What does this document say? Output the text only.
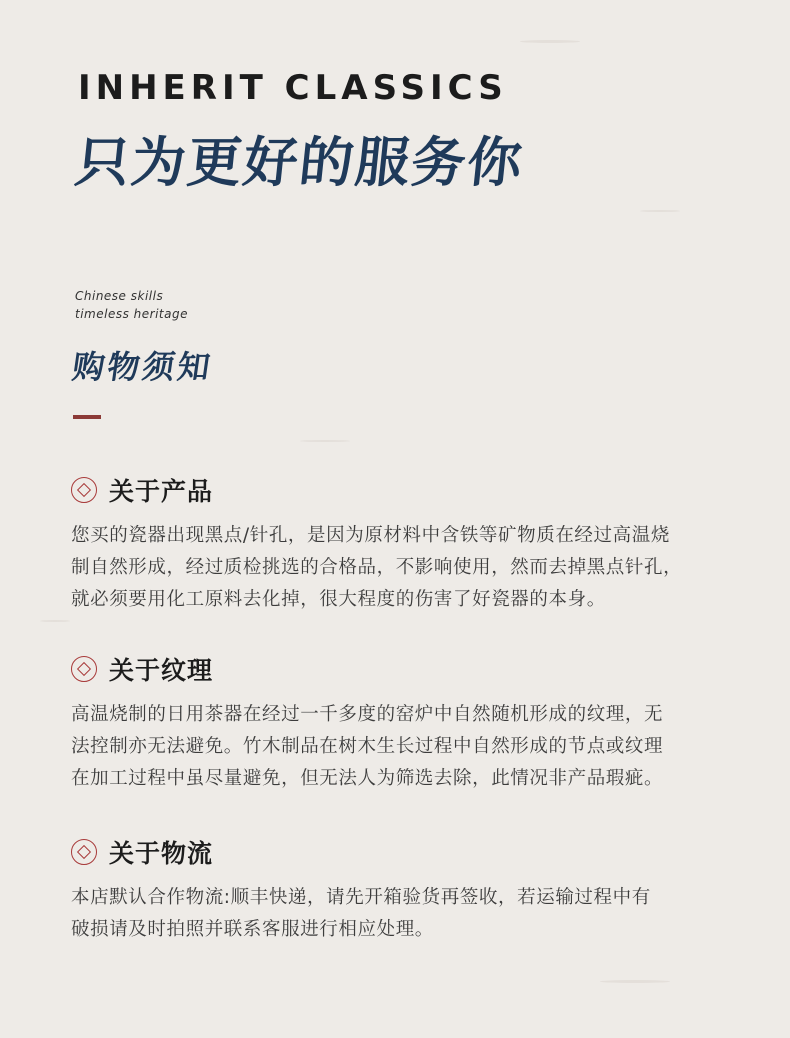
INHERIT CLASSICS
只为更好的服务你
Chinese skills
timeless heritage
购物须知
关于产品
您买的瓷器出现黑点/针孔，是因为原材料中含铁等矿物质在经过高温烧
制自然形成，经过质检挑选的合格品，不影响使用，然而去掉黑点针孔，
就必须要用化工原料去化掉，很大程度的伤害了好瓷器的本身。
关于纹理
高温烧制的日用茶器在经过一千多度的窑炉中自然随机形成的纹理，无
法控制亦无法避免。竹木制品在树木生长过程中自然形成的节点或纹理
在加工过程中虽尽量避免，但无法人为筛选去除，此情况非产品瑕疵。
关于物流
本店默认合作物流:顺丰快递，请先开箱验货再签收，若运输过程中有
破损请及时拍照并联系客服进行相应处理。
